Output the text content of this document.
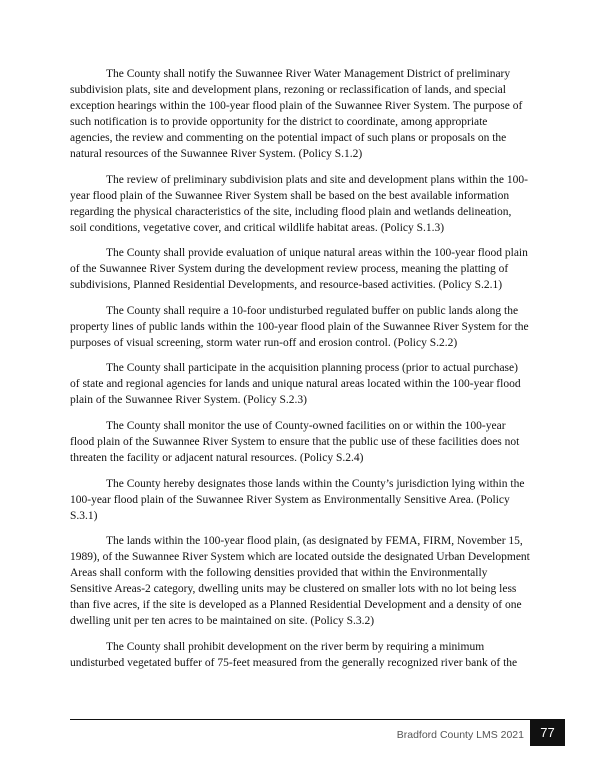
The County shall notify the Suwannee River Water Management District of preliminary subdivision plats, site and development plans, rezoning or reclassification of lands, and special exception hearings within the 100-year flood plain of the Suwannee River System. The purpose of such notification is to provide opportunity for the district to coordinate, among appropriate agencies, the review and commenting on the potential impact of such plans or proposals on the natural resources of the Suwannee River System. (Policy S.1.2)

The review of preliminary subdivision plats and site and development plans within the 100-year flood plain of the Suwannee River System shall be based on the best available information regarding the physical characteristics of the site, including flood plain and wetlands delineation, soil conditions, vegetative cover, and critical wildlife habitat areas. (Policy S.1.3)

The County shall provide evaluation of unique natural areas within the 100-year flood plain of the Suwannee River System during the development review process, meaning the platting of subdivisions, Planned Residential Developments, and resource-based activities. (Policy S.2.1)

The County shall require a 10-foor undisturbed regulated buffer on public lands along the property lines of public lands within the 100-year flood plain of the Suwannee River System for the purposes of visual screening, storm water run-off and erosion control. (Policy S.2.2)

The County shall participate in the acquisition planning process (prior to actual purchase) of state and regional agencies for lands and unique natural areas located within the 100-year flood plain of the Suwannee River System. (Policy S.2.3)

The County shall monitor the use of County-owned facilities on or within the 100-year flood plain of the Suwannee River System to ensure that the public use of these facilities does not threaten the facility or adjacent natural resources. (Policy S.2.4)

The County hereby designates those lands within the County’s jurisdiction lying within the 100-year flood plain of the Suwannee River System as Environmentally Sensitive Area. (Policy S.3.1)

The lands within the 100-year flood plain, (as designated by FEMA, FIRM, November 15, 1989), of the Suwannee River System which are located outside the designated Urban Development Areas shall conform with the following densities provided that within the Environmentally Sensitive Areas-2 category, dwelling units may be clustered on smaller lots with no lot being less than five acres, if the site is developed as a Planned Residential Development and a density of one dwelling unit per ten acres to be maintained on site. (Policy S.3.2)

The County shall prohibit development on the river berm by requiring a minimum undisturbed vegetated buffer of 75-feet measured from the generally recognized river bank of the

Bradford County LMS 2021	77
